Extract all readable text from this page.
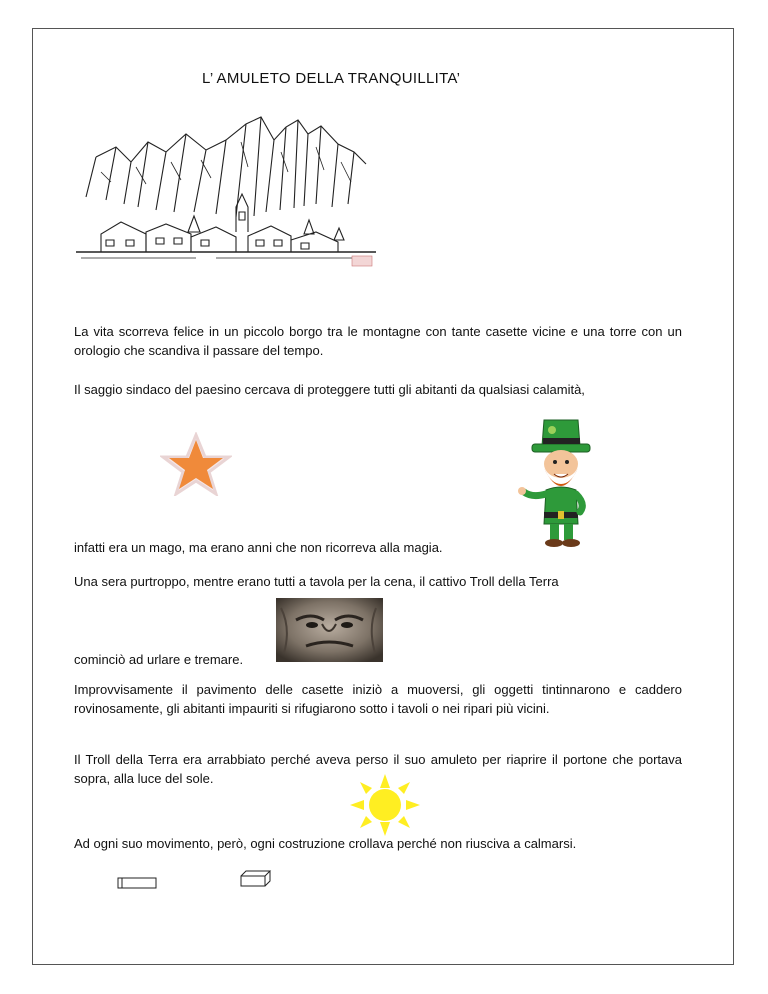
L’ AMULETO DELLA TRANQUILLITA’
La vita scorreva felice in un piccolo borgo tra le montagne con tante casette vicine e una torre con un orologio che scandiva il passare del tempo.
Il saggio sindaco del paesino cercava di proteggere tutti gli abitanti da qualsiasi calamità,
infatti era un mago, ma erano anni che non ricorreva alla magia.
Una sera purtroppo, mentre erano tutti a tavola per la cena, il cattivo Troll della Terra
cominciò ad urlare e tremare.
Improvvisamente il pavimento delle casette iniziò a muoversi, gli oggetti tintinnarono e caddero rovinosamente, gli abitanti impauriti si rifugiarono sotto i tavoli o nei ripari più vicini.
Il Troll della Terra era arrabbiato perché aveva perso il suo amuleto per riaprire il portone che portava sopra, alla luce del sole.
Ad ogni suo movimento, però, ogni costruzione crollava perché non riusciva a calmarsi.
